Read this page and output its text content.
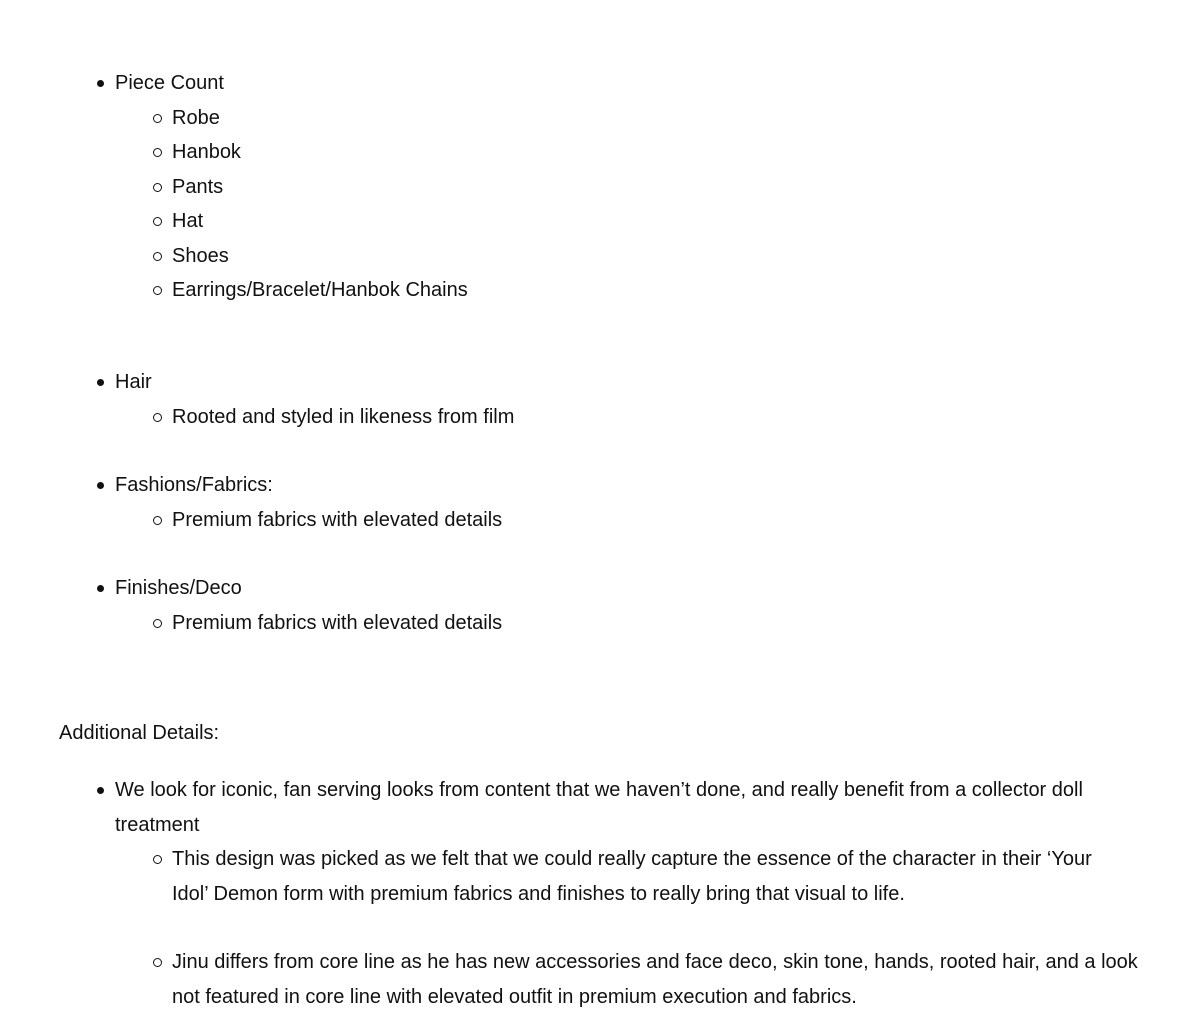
Piece Count
Robe
Hanbok
Pants
Hat
Shoes
Earrings/Bracelet/Hanbok Chains
Hair
Rooted and styled in likeness from film
Fashions/Fabrics:
Premium fabrics with elevated details
Finishes/Deco
Premium fabrics with elevated details
Additional Details:
We look for iconic, fan serving looks from content that we haven’t done, and really benefit from a collector doll treatment
This design was picked as we felt that we could really capture the essence of the character in their ‘Your Idol’ Demon form with premium fabrics and finishes to really bring that visual to life.
Jinu differs from core line as he has new accessories and face deco, skin tone, hands, rooted hair, and a look not featured in core line with elevated outfit in premium execution and fabrics.
